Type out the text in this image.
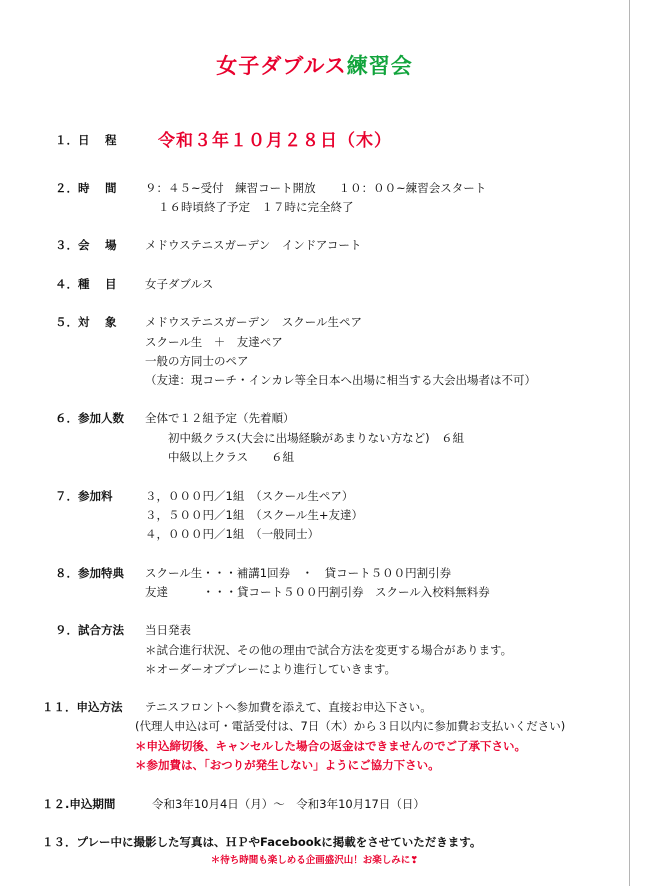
女子ダブルス練習会
１．日　 程 令和３年１０月２８日（木）
２．時　 間 ９：４５~受付　練習コート開放　　１０：００~練習会スタート
１６時頃終了予定　１７時に完全終了
３．会　 場 メドウステニスガーデン　インドアコート
４．種　 目 女子ダブルス
５．対　 象 メドウステニスガーデン　スクール生ペア
スクール生　＋　友達ペア
一般の方同士のペア
（友達：現コーチ・インカレ等全日本へ出場に相当する大会出場者は不可）
６．参加人数 全体で１２組予定（先着順）
初中級クラス(大会に出場経験があまりない方など)　６組
中級以上クラス　　６組
７．参加料	３，０００円／1組　（スクール生ペア）
３，５００円／1組　（スクール生+友達）
４，０００円／1組　（一般同士）
８．参加特典 スクール生・・・補講1回券　・　貸コート５００円割引券
友達　　　・・・貸コート５００円割引券　スクール入校料無料券
９．試合方法 当日発表
＊試合進行状況、その他の理由で試合方法を変更する場合があります。
＊オーダーオブプレーにより進行していきます。
１１．申込方法 テニスフロントへ参加費を添えて、直接お申込下さい。
(代理人申込は可・電話受付は、7日（木）から３日以内に参加費お支払いください)
＊申込締切後、キャンセルした場合の返金はできませんのでご了承下さい。
＊参加費は、「おつりが発生しない」ようにご協力下さい。
１２.申込期間	令和3年10月4日（月）～　令和3年10月17日（日）
１３．プレー中に撮影した写真は、ＨＰやFacebookに掲載をさせていただきます。
＊待ち時間も楽しめる企画盛沢山！お楽しみに❣
